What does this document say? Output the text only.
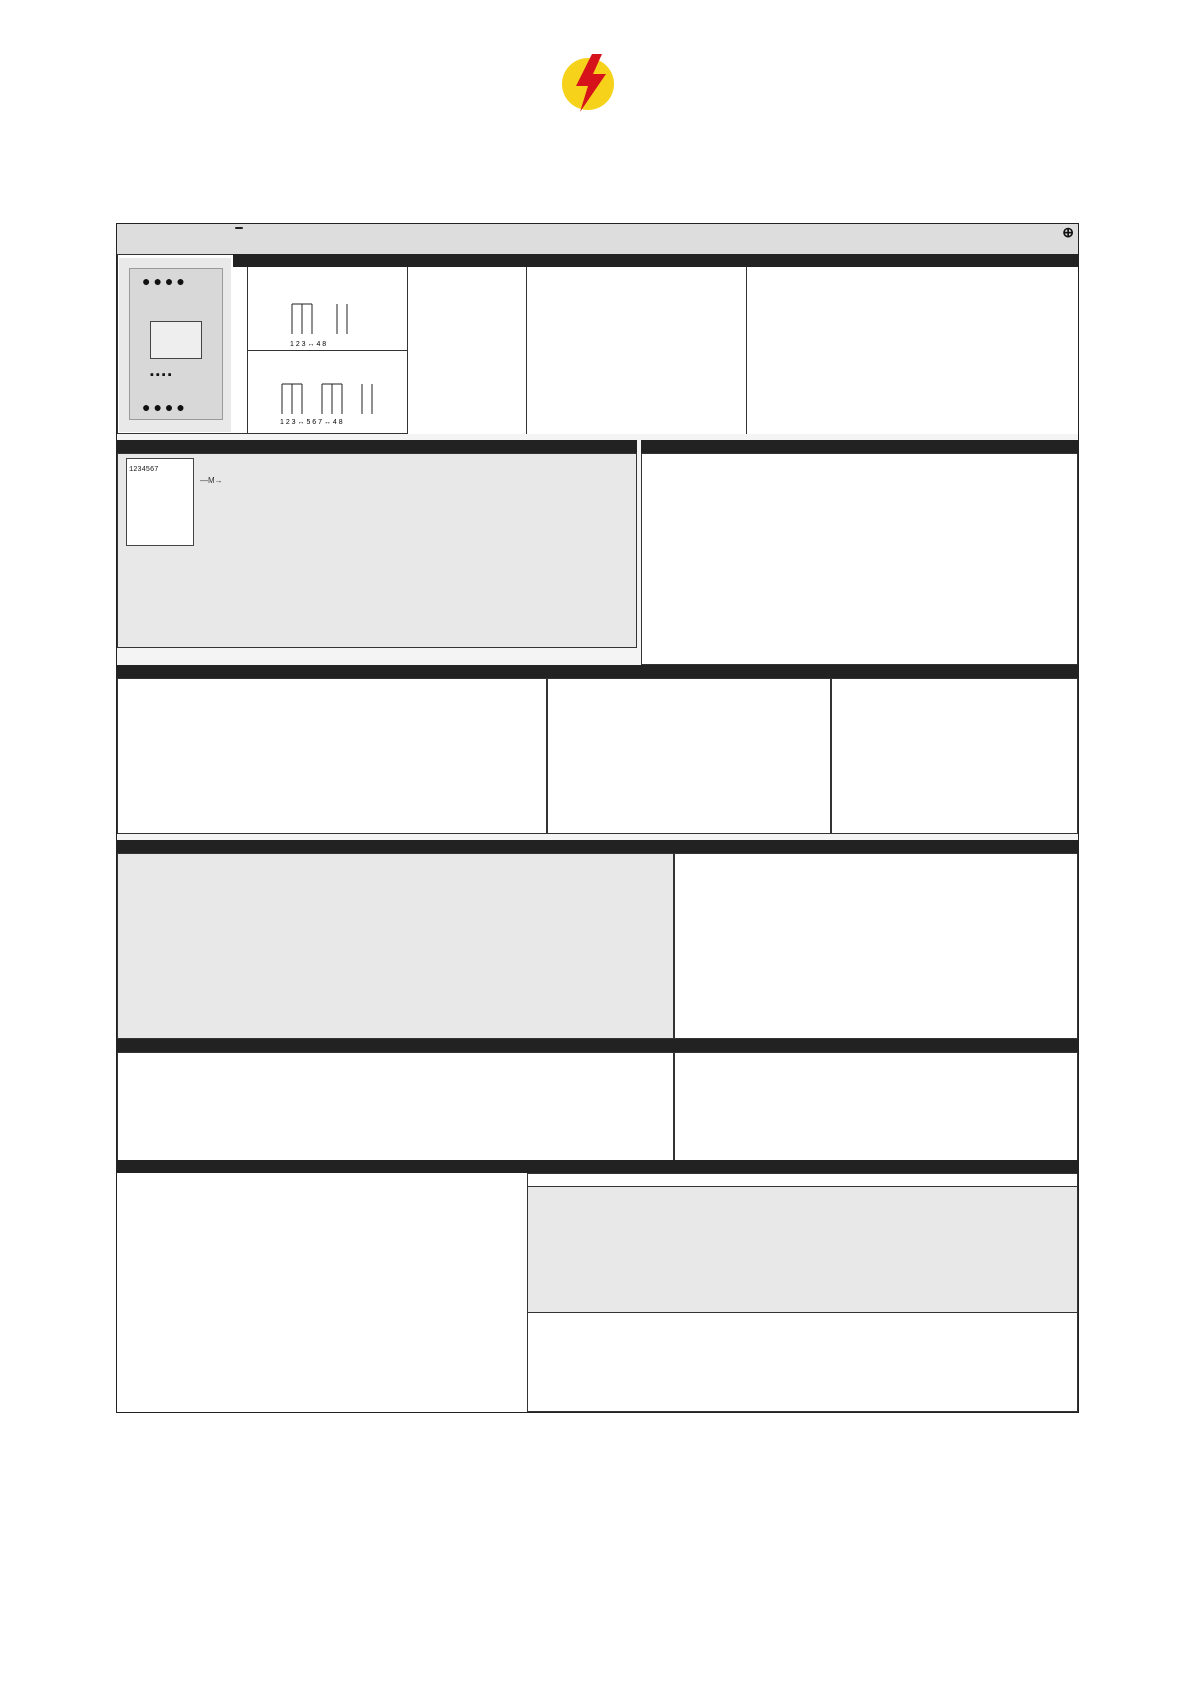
⊕
●●●●
▪▪▪▪
●●●●
1 2 3 ↔ 4 8
1 2 3 ↔ 5 6 7 ↔ 4 8
1234567
—M→
